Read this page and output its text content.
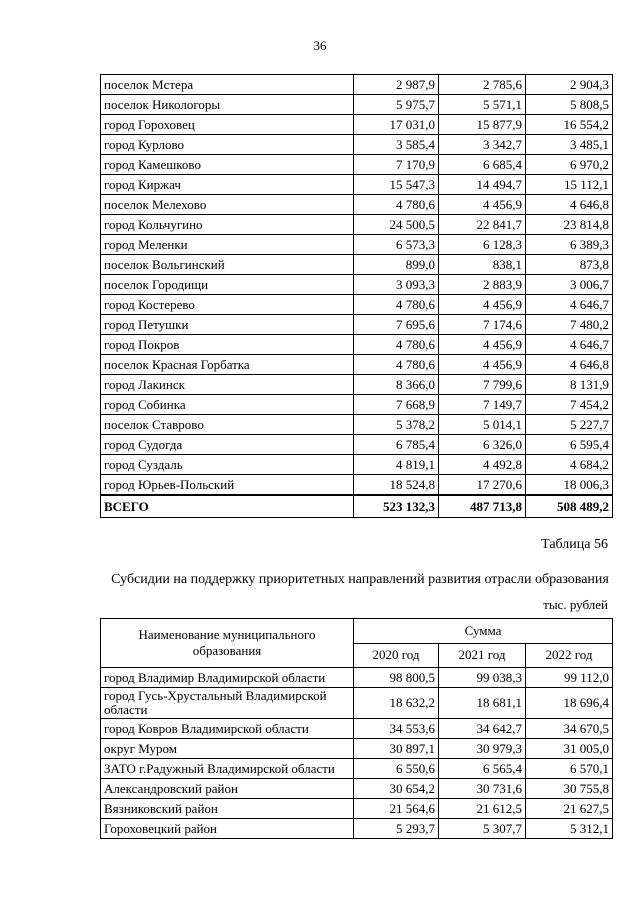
36
поселок Мстера	2 987,9	2 785,6	2 904,3
поселок Никологоры	5 975,7	5 571,1	5 808,5
город Гороховец	17 031,0	15 877,9	16 554,2
город Курлово	3 585,4	3 342,7	3 485,1
город Камешково	7 170,9	6 685,4	6 970,2
город Киржач	15 547,3	14 494,7	15 112,1
поселок Мелехово	4 780,6	4 456,9	4 646,8
город Кольчугино	24 500,5	22 841,7	23 814,8
город Меленки	6 573,3	6 128,3	6 389,3
поселок Вольгинский	899,0	838,1	873,8
поселок Городищи	3 093,3	2 883,9	3 006,7
город Костерево	4 780,6	4 456,9	4 646,7
город Петушки	7 695,6	7 174,6	7 480,2
город Покров	4 780,6	4 456,9	4 646,7
поселок Красная Горбатка	4 780,6	4 456,9	4 646,8
город Лакинск	8 366,0	7 799,6	8 131,9
город Собинка	7 668,9	7 149,7	7 454,2
поселок Ставрово	5 378,2	5 014,1	5 227,7
город Судогда	6 785,4	6 326,0	6 595,4
город Суздаль	4 819,1	4 492,8	4 684,2
город Юрьев-Польский	18 524,8	17 270,6	18 006,3
ВСЕГО	523 132,3	487 713,8	508 489,2
Таблица 56
Субсидии на поддержку приоритетных направлений развития отрасли образования
тыс. рублей
Наименование муниципального образования	Сумма		
	2020 год	2021 год	2022 год
город Владимир Владимирской области	98 800,5	99 038,3	99 112,0
город Гусь-Хрустальный Владимирской области	18 632,2	18 681,1	18 696,4
город Ковров Владимирской области	34 553,6	34 642,7	34 670,5
округ Муром	30 897,1	30 979,3	31 005,0
ЗАТО г.Радужный Владимирской области	6 550,6	6 565,4	6 570,1
Александровский район	30 654,2	30 731,6	30 755,8
Вязниковский район	21 564,6	21 612,5	21 627,5
Гороховецкий район	5 293,7	5 307,7	5 312,1
